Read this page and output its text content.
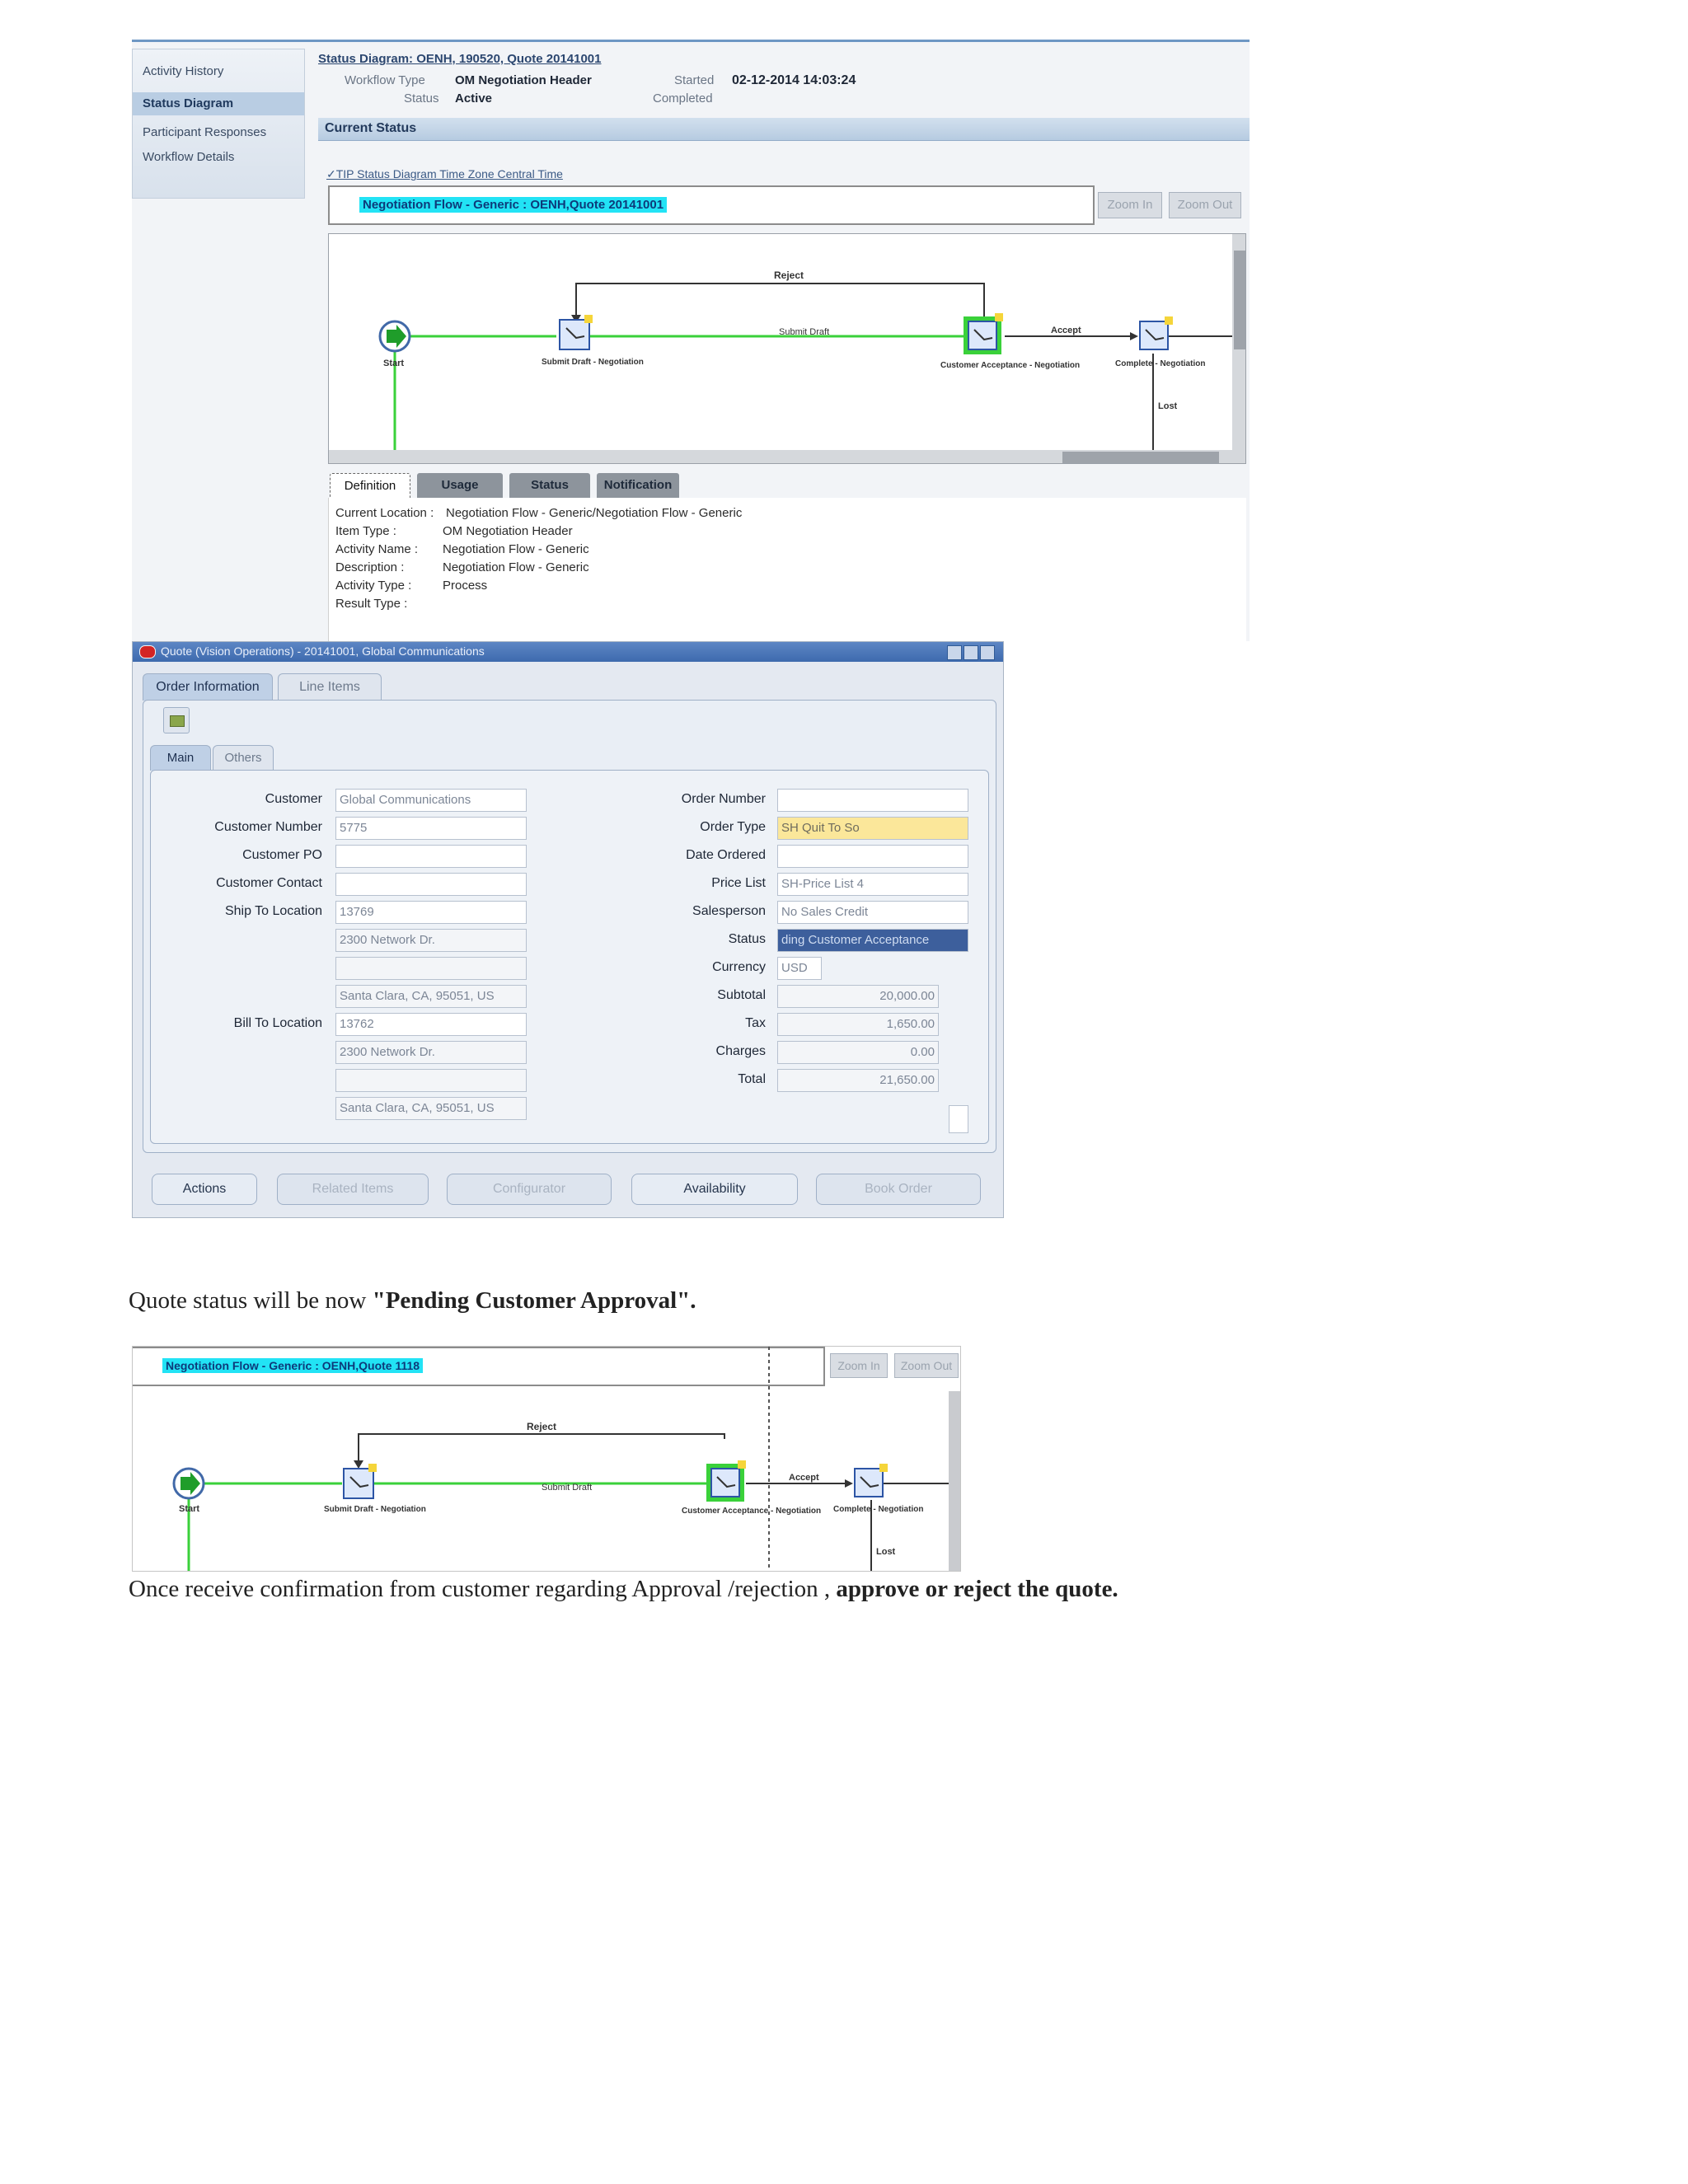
Activity History
Status Diagram
Participant Responses
Workflow Details
Status Diagram: OENH, 190520, Quote 20141001
Workflow Type OM Negotiation Header
Status Active
Started 02-12-2014 14:03:24
Completed
Current Status
✓TIP Status Diagram Time Zone Central Time
Negotiation Flow - Generic : OENH,Quote 20141001	Zoom In	Zoom Out
Reject
Submit Draft	Accept
Lost
Start	Submit Draft - Negotiation	Customer Acceptance - Negotiation	Complete - Negotiation
Definition	Usage	Status	Notification
Current Location : Negotiation Flow - Generic/Negotiation Flow - Generic
Item Type :	OM Negotiation Header
Activity Name : Negotiation Flow - Generic
Description :	Negotiation Flow - Generic
Activity Type :	Process
Result Type :
Quote (Vision Operations) - 20141001, Global Communications
Order Information	Line Items
Main	Others
Customer	Global Communications
Customer Number	5775
Customer PO
Customer Contact
Ship To Location	13769
2300 Network Dr.
Santa Clara, CA, 95051, US
Bill To Location	13762
2300 Network Dr.
Santa Clara, CA, 95051, US
Order Number
Order Type	SH Quit To So
Date Ordered
Price List	SH-Price List 4
Salesperson	No Sales Credit
Status	ding Customer Acceptance
Currency	USD
Subtotal	20,000.00
Tax	1,650.00
Charges	0.00
Total	21,650.00
Actions	Related Items	Configurator	Availability	Book Order
Quote status will be now "Pending Customer Approval".
Negotiation Flow - Generic : OENH,Quote 1118	Zoom In	Zoom Out
Reject
Submit Draft
Accept
Lost
Start	Submit Draft - Negotiation	Customer Acceptance - Negotiation Complete - Negotiation
Once receive confirmation from customer regarding Approval /rejection , approve or reject the quote.
